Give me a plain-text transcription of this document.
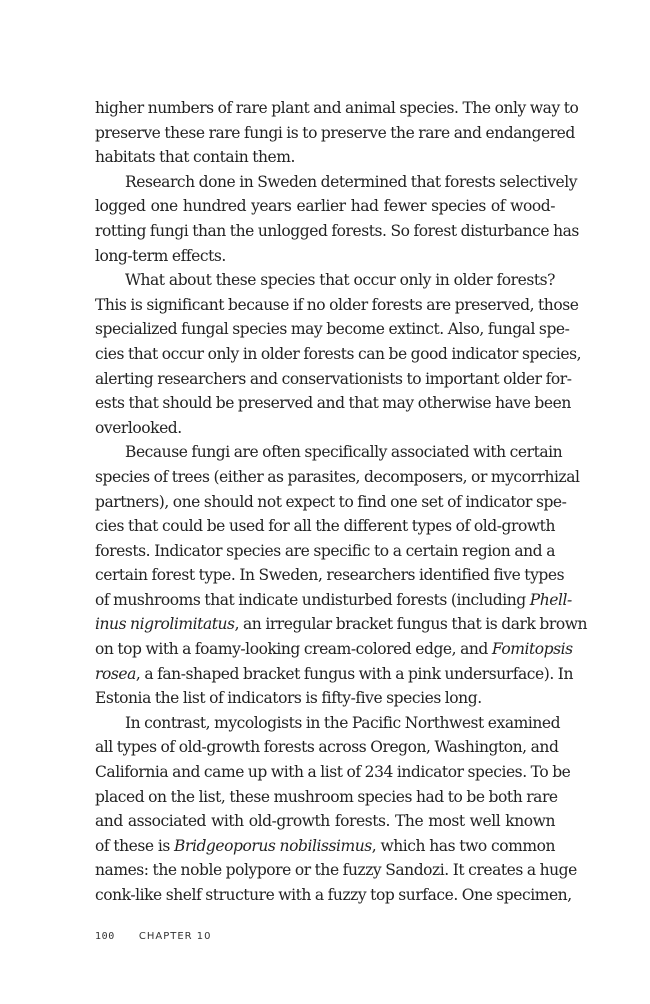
higher numbers of rare plant and animal species. The only way to
preserve these rare fungi is to preserve the rare and endangered
habitats that contain them.
Research done in Sweden determined that forests selectively
logged one hundred years earlier had fewer species of wood-
rotting fungi than the unlogged forests. So forest disturbance has
long-term effects.
What about these species that occur only in older forests?
This is significant because if no older forests are preserved, those
specialized fungal species may become extinct. Also, fungal spe-
cies that occur only in older forests can be good indicator species,
alerting researchers and conservationists to important older for-
ests that should be preserved and that may otherwise have been
overlooked.
Because fungi are often specifically associated with certain
species of trees (either as parasites, decomposers, or mycorrhizal
partners), one should not expect to find one set of indicator spe-
cies that could be used for all the different types of old-growth
forests. Indicator species are specific to a certain region and a
certain forest type. In Sweden, researchers identified five types
of mushrooms that indicate undisturbed forests (including Phell-
inus nigrolimitatus, an irregular bracket fungus that is dark brown
on top with a foamy-looking cream-colored edge, and Fomitopsis
rosea, a fan-shaped bracket fungus with a pink undersurface). In
Estonia the list of indicators is fifty-five species long.
In contrast, mycologists in the Pacific Northwest examined
all types of old-growth forests across Oregon, Washington, and
California and came up with a list of 234 indicator species. To be
placed on the list, these mushroom species had to be both rare
and associated with old-growth forests. The most well known
of these is Bridgeoporus nobilissimus, which has two common
names: the noble polypore or the fuzzy Sandozi. It creates a huge
conk-like shelf structure with a fuzzy top surface. One specimen,
100 CHAPTER 10
